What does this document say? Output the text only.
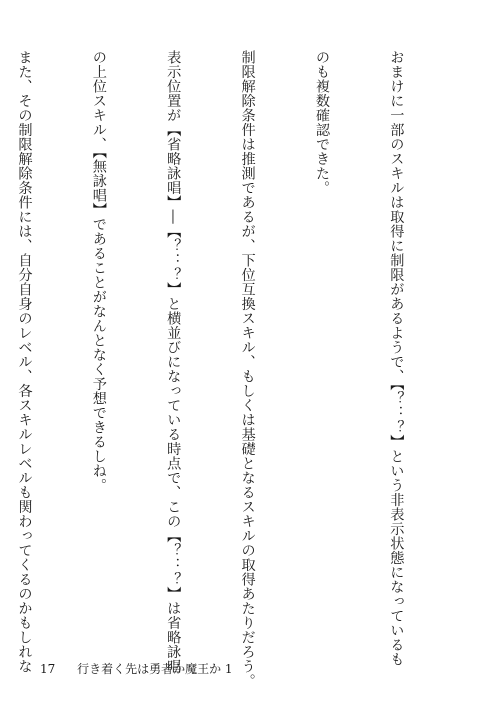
おまけに一部のスキルは取得に制限があるようで、【？：？】という非表示状態になっているも

のも複数確認できた。

制限解除条件は推測であるが、下位互換スキル、もしくは基礎となるスキルの取得あたりだろう。

表示位置が【省略詠唱】―【？：？】と横並びになっている時点で、この【？：？】は省略詠唱

の上位スキル、【無詠唱】であることがなんとなく予想できるしね。

また、その制限解除条件には、自分自身のレベル、各スキルレベルも関わってくるのかもしれな

17 行き着く先は勇者か魔王か 1
